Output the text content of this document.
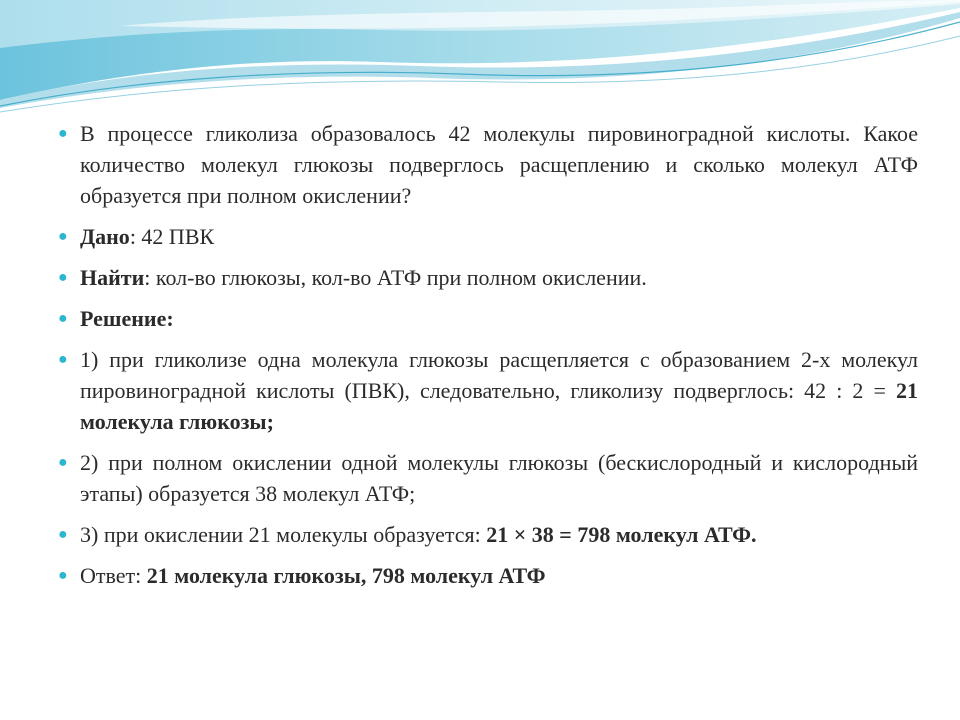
● В процессе гликолиза образовалось 42 молекулы пировиноградной кислоты. Какое количество молекул глюкозы подверглось расщеплению и сколько молекул АТФ образуется при полном окислении?
● Дано: 42 ПВК
● Найти: кол-во глюкозы, кол-во АТФ при полном окислении.
● Решение:
● 1) при гликолизе одна молекула глюкозы расщепляется с образованием 2-х молекул пировиноградной кислоты (ПВК), следовательно, гликолизу подверглось: 42 : 2 = 21 молекула глюкозы;
● 2) при полном окислении одной молекулы глюкозы (бескислородный и кислородный этапы) образуется 38 молекул АТФ;
● 3) при окислении 21 молекулы образуется: 21 × 38 = 798 молекул АТФ.
● Ответ: 21 молекула глюкозы, 798 молекул АТФ
